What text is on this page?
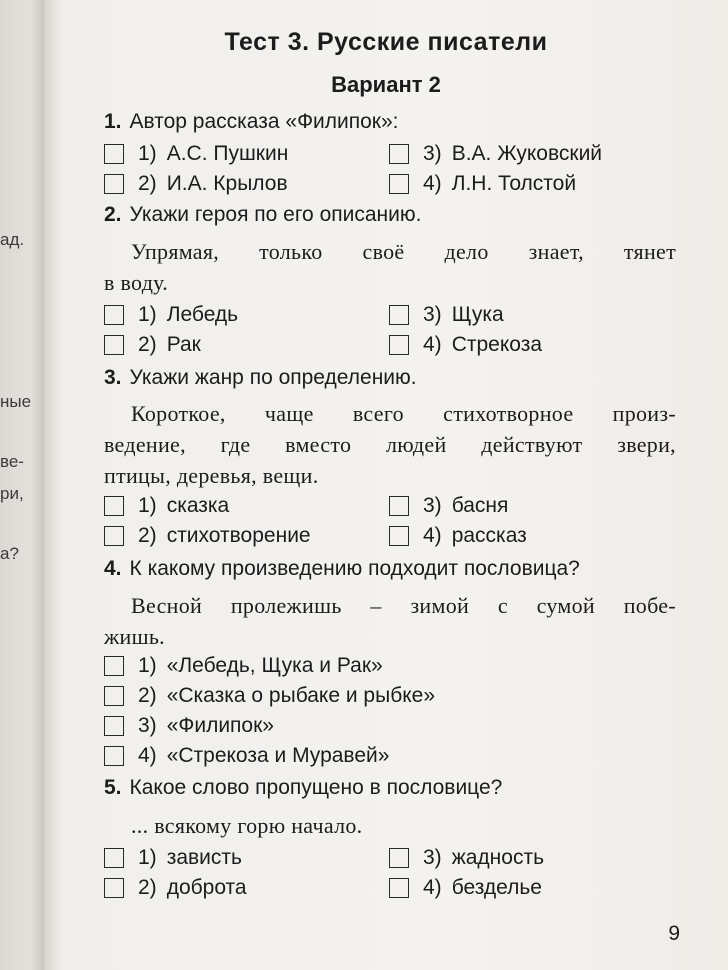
ад.
ные
ве-
ри,
а?
Тест 3. Русские писатели
Вариант 2
1. Автор рассказа «Филипок»:
1) А.С. Пушкин	3) В.А. Жуковский
2) И.А. Крылов	4) Л.Н. Толстой
2. Укажи героя по его описанию.
Упрямая, только своё дело знает, тянет
в воду.
1) Лебедь	3) Щука
2) Рак	4) Стрекоза
3. Укажи жанр по определению.
Короткое, чаще всего стихотворное произ-
ведение, где вместо людей действуют звери,
птицы, деревья, вещи.
1) сказка	3) басня
2) стихотворение	4) рассказ
4. К какому произведению подходит пословица?
Весной пролежишь – зимой с сумой побе-
жишь.
1) «Лебедь, Щука и Рак»
2) «Сказка о рыбаке и рыбке»
3) «Филипок»
4) «Стрекоза и Муравей»
5. Какое слово пропущено в пословице?
... всякому горю начало.
1) зависть	3) жадность
2) доброта	4) безделье
9
